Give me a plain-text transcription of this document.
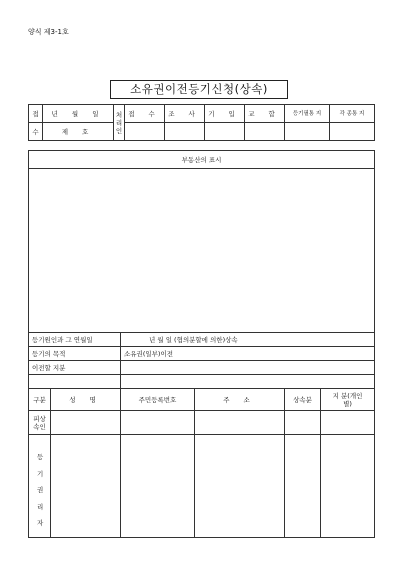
양식 제3-1호
소유권이전등기신청(상속)
접	년 월 일	처리인	접 수	조 사	기 입	교 합	등기필통 지	각 종통 지
수	제 호							
부동산의 표시					

등기원인과 그 연월일		년 월 일 (협의분할에 의한)상속			
등기의 목적		소유권(일부)이전			
이전할 지분					

구분	성 명	주민등록번호	주 소	상속분	지 분(개인별)
피상속인					
등기권리자					
